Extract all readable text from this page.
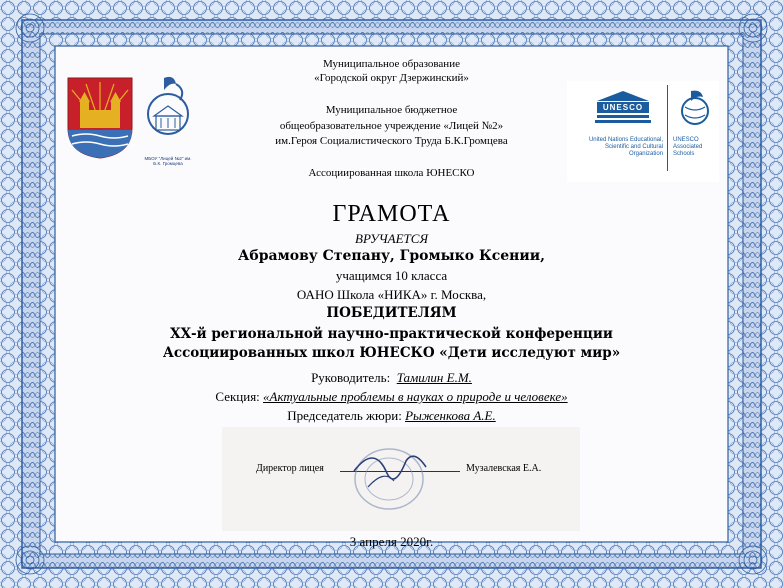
МБОУ "Лицей №2" им. Б.К. Громцева
UNESCO
United Nations Educational, Scientific and Cultural Organization
UNESCO Associated Schools
Муниципальное образование
«Городской округ Дзержинский»
Муниципальное бюджетное
общеобразовательное учреждение «Лицей №2»
им.Героя Социалистического Труда Б.К.Громцева
Ассоциированная школа ЮНЕСКО
ГРАМОТА
ВРУЧАЕТСЯ
Абрамову Степану, Громыко Ксении,
учащимся 10 класса
ОАНО Школа «НИКА» г. Москва,
ПОБЕДИТЕЛЯМ
ХХ-й региональной научно-практической конференции
Ассоциированных школ ЮНЕСКО «Дети исследуют мир»
Руководитель: Тамилин Е.М.
Секция: «Актуальные проблемы в науках о природе и человеке»
Председатель жюри: Рыженкова А.Е.
Директор лицея	Музалевская Е.А.
3 апреля 2020г.
